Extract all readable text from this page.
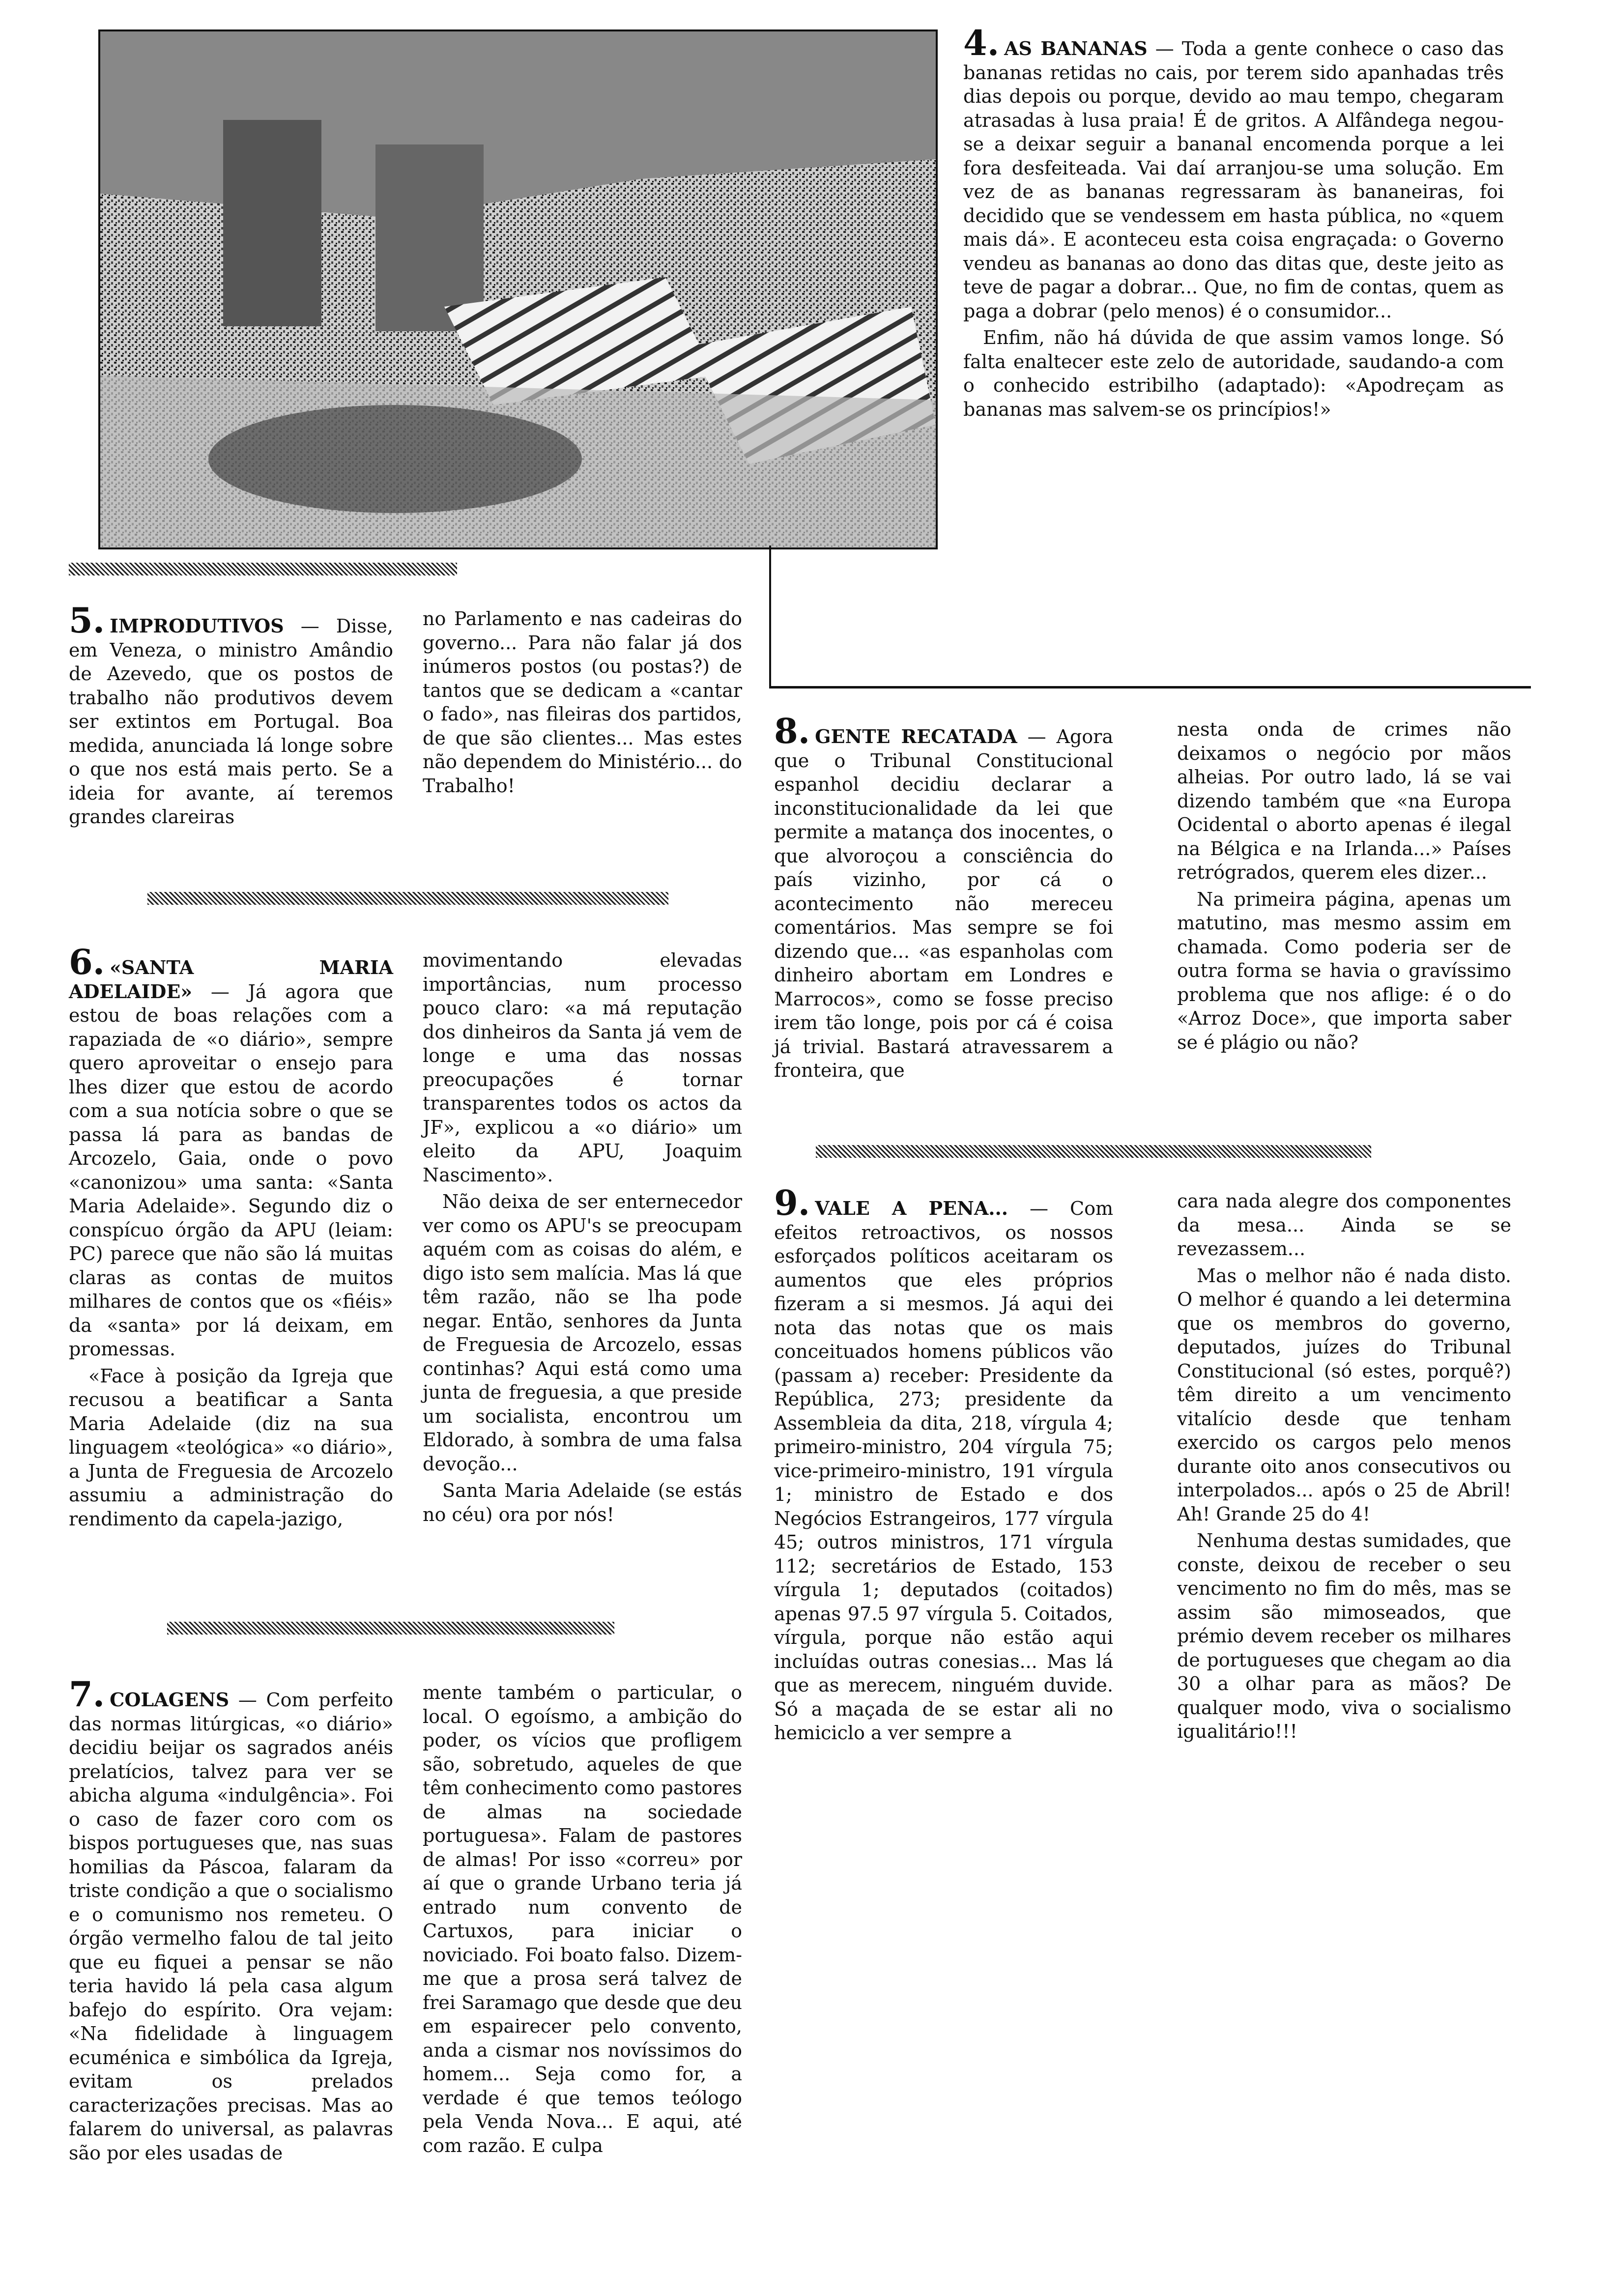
4. AS BANANAS — Toda a gente conhece o caso das bananas retidas no cais, por terem sido apanhadas três dias depois ou porque, devido ao mau tempo, chegaram atrasadas à lusa praia! É de gritos. A Alfândega negou-se a deixar seguir a bananal encomenda porque a lei fora desfeiteada. Vai daí arranjou-se uma solução. Em vez de as bananas regressaram às bananeiras, foi decidido que se vendessem em hasta pública, no «quem mais dá». E aconteceu esta coisa engraçada: o Governo vendeu as bananas ao dono das ditas que, deste jeito as teve de pagar a dobrar... Que, no fim de contas, quem as paga a dobrar (pelo menos) é o consumidor...

Enfim, não há dúvida de que assim vamos longe. Só falta enaltecer este zelo de autoridade, saudando-a com o conhecido estribilho (adaptado): «Apodreçam as bananas mas salvem-se os princípios!»

5. IMPRODUTIVOS — Disse, em Veneza, o ministro Amândio de Azevedo, que os postos de trabalho não produtivos devem ser extintos em Portugal. Boa medida, anunciada lá longe sobre o que nos está mais perto. Se a ideia for avante, aí teremos grandes clareiras

no Parlamento e nas cadeiras do governo... Para não falar já dos inúmeros postos (ou postas?) de tantos que se dedicam a «cantar o fado», nas fileiras dos partidos, de que são clientes... Mas estes não dependem do Ministério... do Trabalho!

6. «SANTA MARIA ADELAIDE» — Já agora que estou de boas relações com a rapaziada de «o diário», sempre quero aproveitar o ensejo para lhes dizer que estou de acordo com a sua notícia sobre o que se passa lá para as bandas de Arcozelo, Gaia, onde o povo «canonizou» uma santa: «Santa Maria Adelaide». Segundo diz o conspícuo órgão da APU (leiam: PC) parece que não são lá muitas claras as contas de muitos milhares de contos que os «fiéis» da «santa» por lá deixam, em promessas.

«Face à posição da Igreja que recusou a beatificar a Santa Maria Adelaide (diz na sua linguagem «teológica» «o diário», a Junta de Freguesia de Arcozelo assumiu a administração do rendimento da capela-jazigo,

movimentando elevadas importâncias, num processo pouco claro: «a má reputação dos dinheiros da Santa já vem de longe e uma das nossas preocupações é tornar transparentes todos os actos da JF», explicou a «o diário» um eleito da APU, Joaquim Nascimento».

Não deixa de ser enternecedor ver como os APU's se preocupam aquém com as coisas do além, e digo isto sem malícia. Mas lá que têm razão, não se lha pode negar. Então, senhores da Junta de Freguesia de Arcozelo, essas continhas? Aqui está como uma junta de freguesia, a que preside um socialista, encontrou um Eldorado, à sombra de uma falsa devoção...

Santa Maria Adelaide (se estás no céu) ora por nós!

7. COLAGENS — Com perfeito das normas litúrgicas, «o diário» decidiu beijar os sagrados anéis prelatícios, talvez para ver se abicha alguma «indulgência». Foi o caso de fazer coro com os bispos portugueses que, nas suas homilias da Páscoa, falaram da triste condição a que o socialismo e o comunismo nos remeteu. O órgão vermelho falou de tal jeito que eu fiquei a pensar se não teria havido lá pela casa algum bafejo do espírito. Ora vejam: «Na fidelidade à linguagem ecuménica e simbólica da Igreja, evitam os prelados caracterizações precisas. Mas ao falarem do universal, as palavras são por eles usadas de

mente também o particular, o local. O egoísmo, a ambição do poder, os vícios que profligem são, sobretudo, aqueles de que têm conhecimento como pastores de almas na sociedade portuguesa». Falam de pastores de almas! Por isso «correu» por aí que o grande Urbano teria já entrado num convento de Cartuxos, para iniciar o noviciado. Foi boato falso. Dizem-me que a prosa será talvez de frei Saramago que desde que deu em espairecer pelo convento, anda a cismar nos novíssimos do homem... Seja como for, a verdade é que temos teólogo pela Venda Nova... E aqui, até com razão. E culpa

8. GENTE RECATADA — Agora que o Tribunal Constitucional espanhol decidiu declarar a inconstitucionalidade da lei que permite a matança dos inocentes, o que alvoroçou a consciência do país vizinho, por cá o acontecimento não mereceu comentários. Mas sempre se foi dizendo que... «as espanholas com dinheiro abortam em Londres e Marrocos», como se fosse preciso irem tão longe, pois por cá é coisa já trivial. Bastará atravessarem a fronteira, que

nesta onda de crimes não deixamos o negócio por mãos alheias. Por outro lado, lá se vai dizendo também que «na Europa Ocidental o aborto apenas é ilegal na Bélgica e na Irlanda...» Países retrógrados, querem eles dizer...

Na primeira página, apenas um matutino, mas mesmo assim em chamada. Como poderia ser de outra forma se havia o gravíssimo problema que nos aflige: é o do «Arroz Doce», que importa saber se é plágio ou não?

9. VALE A PENA... — Com efeitos retroactivos, os nossos esforçados políticos aceitaram os aumentos que eles próprios fizeram a si mesmos. Já aqui dei nota das notas que os mais conceituados homens públicos vão (passam a) receber: Presidente da República, 273; presidente da Assembleia da dita, 218, vírgula 4; primeiro-ministro, 204 vírgula 75; vice-primeiro-ministro, 191 vírgula 1; ministro de Estado e dos Negócios Estrangeiros, 177 vírgula 45; outros ministros, 171 vírgula 112; secretários de Estado, 153 vírgula 1; deputados (coitados) apenas 97.5 97 vírgula 5. Coitados, vírgula, porque não estão aqui incluídas outras conesias... Mas lá que as merecem, ninguém duvide. Só a maçada de se estar ali no hemiciclo a ver sempre a

cara nada alegre dos componentes da mesa... Ainda se se revezassem...

Mas o melhor não é nada disto. O melhor é quando a lei determina que os membros do governo, deputados, juízes do Tribunal Constitucional (só estes, porquê?) têm direito a um vencimento vitalício desde que tenham exercido os cargos pelo menos durante oito anos consecutivos ou interpolados... após o 25 de Abril! Ah! Grande 25 do 4!

Nenhuma destas sumidades, que conste, deixou de receber o seu vencimento no fim do mês, mas se assim são mimoseados, que prémio devem receber os milhares de portugueses que chegam ao dia 30 a olhar para as mãos? De qualquer modo, viva o socialismo igualitário!!!
